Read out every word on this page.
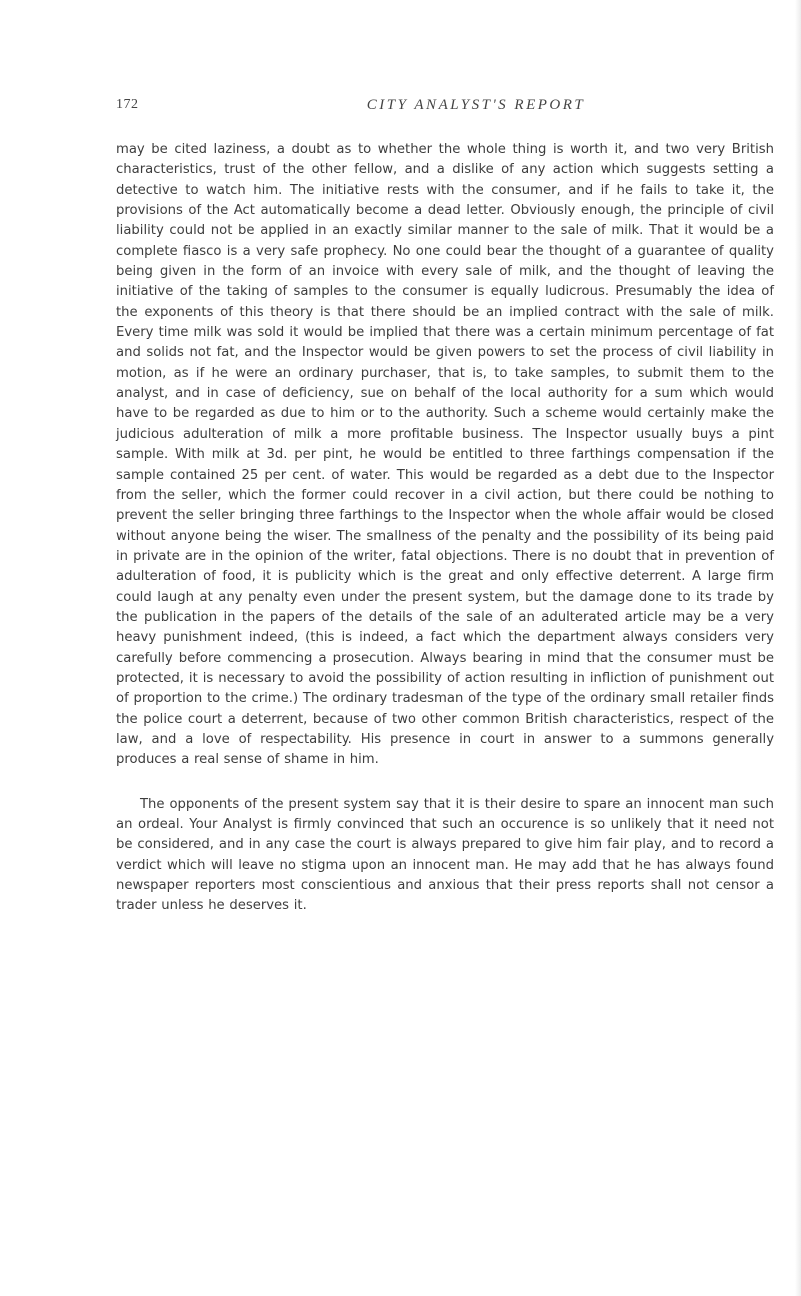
172	CITY ANALYST'S REPORT

may be cited laziness, a doubt as to whether the whole thing is worth it, and two very British characteristics, trust of the other fellow, and a dislike of any action which suggests setting a detective to watch him. The initiative rests with the consumer, and if he fails to take it, the provisions of the Act automatically become a dead letter. Obviously enough, the principle of civil liability could not be applied in an exactly similar manner to the sale of milk. That it would be a complete fiasco is a very safe prophecy. No one could bear the thought of a guarantee of quality being given in the form of an invoice with every sale of milk, and the thought of leaving the initiative of the taking of samples to the consumer is equally ludicrous. Presumably the idea of the exponents of this theory is that there should be an implied contract with the sale of milk. Every time milk was sold it would be implied that there was a certain minimum percentage of fat and solids not fat, and the Inspector would be given powers to set the process of civil liability in motion, as if he were an ordinary purchaser, that is, to take samples, to submit them to the analyst, and in case of deficiency, sue on behalf of the local authority for a sum which would have to be regarded as due to him or to the authority. Such a scheme would certainly make the judicious adulteration of milk a more profitable business. The Inspector usually buys a pint sample. With milk at 3d. per pint, he would be entitled to three farthings compensation if the sample contained 25 per cent. of water. This would be regarded as a debt due to the Inspector from the seller, which the former could recover in a civil action, but there could be nothing to prevent the seller bringing three farthings to the Inspector when the whole affair would be closed without anyone being the wiser. The smallness of the penalty and the possibility of its being paid in private are in the opinion of the writer, fatal objections. There is no doubt that in prevention of adulteration of food, it is publicity which is the great and only effective deterrent. A large firm could laugh at any penalty even under the present system, but the damage done to its trade by the publication in the papers of the details of the sale of an adulterated article may be a very heavy punishment indeed, (this is indeed, a fact which the department always considers very carefully before commencing a prosecution. Always bearing in mind that the consumer must be protected, it is necessary to avoid the possibility of action resulting in infliction of punishment out of proportion to the crime.) The ordinary tradesman of the type of the ordinary small retailer finds the police court a deterrent, because of two other common British characteristics, respect of the law, and a love of respectability. His presence in court in answer to a summons generally produces a real sense of shame in him.

The opponents of the present system say that it is their desire to spare an innocent man such an ordeal. Your Analyst is firmly convinced that such an occurence is so unlikely that it need not be considered, and in any case the court is always prepared to give him fair play, and to record a verdict which will leave no stigma upon an innocent man. He may add that he has always found newspaper reporters most conscientious and anxious that their press reports shall not censor a trader unless he deserves it.
